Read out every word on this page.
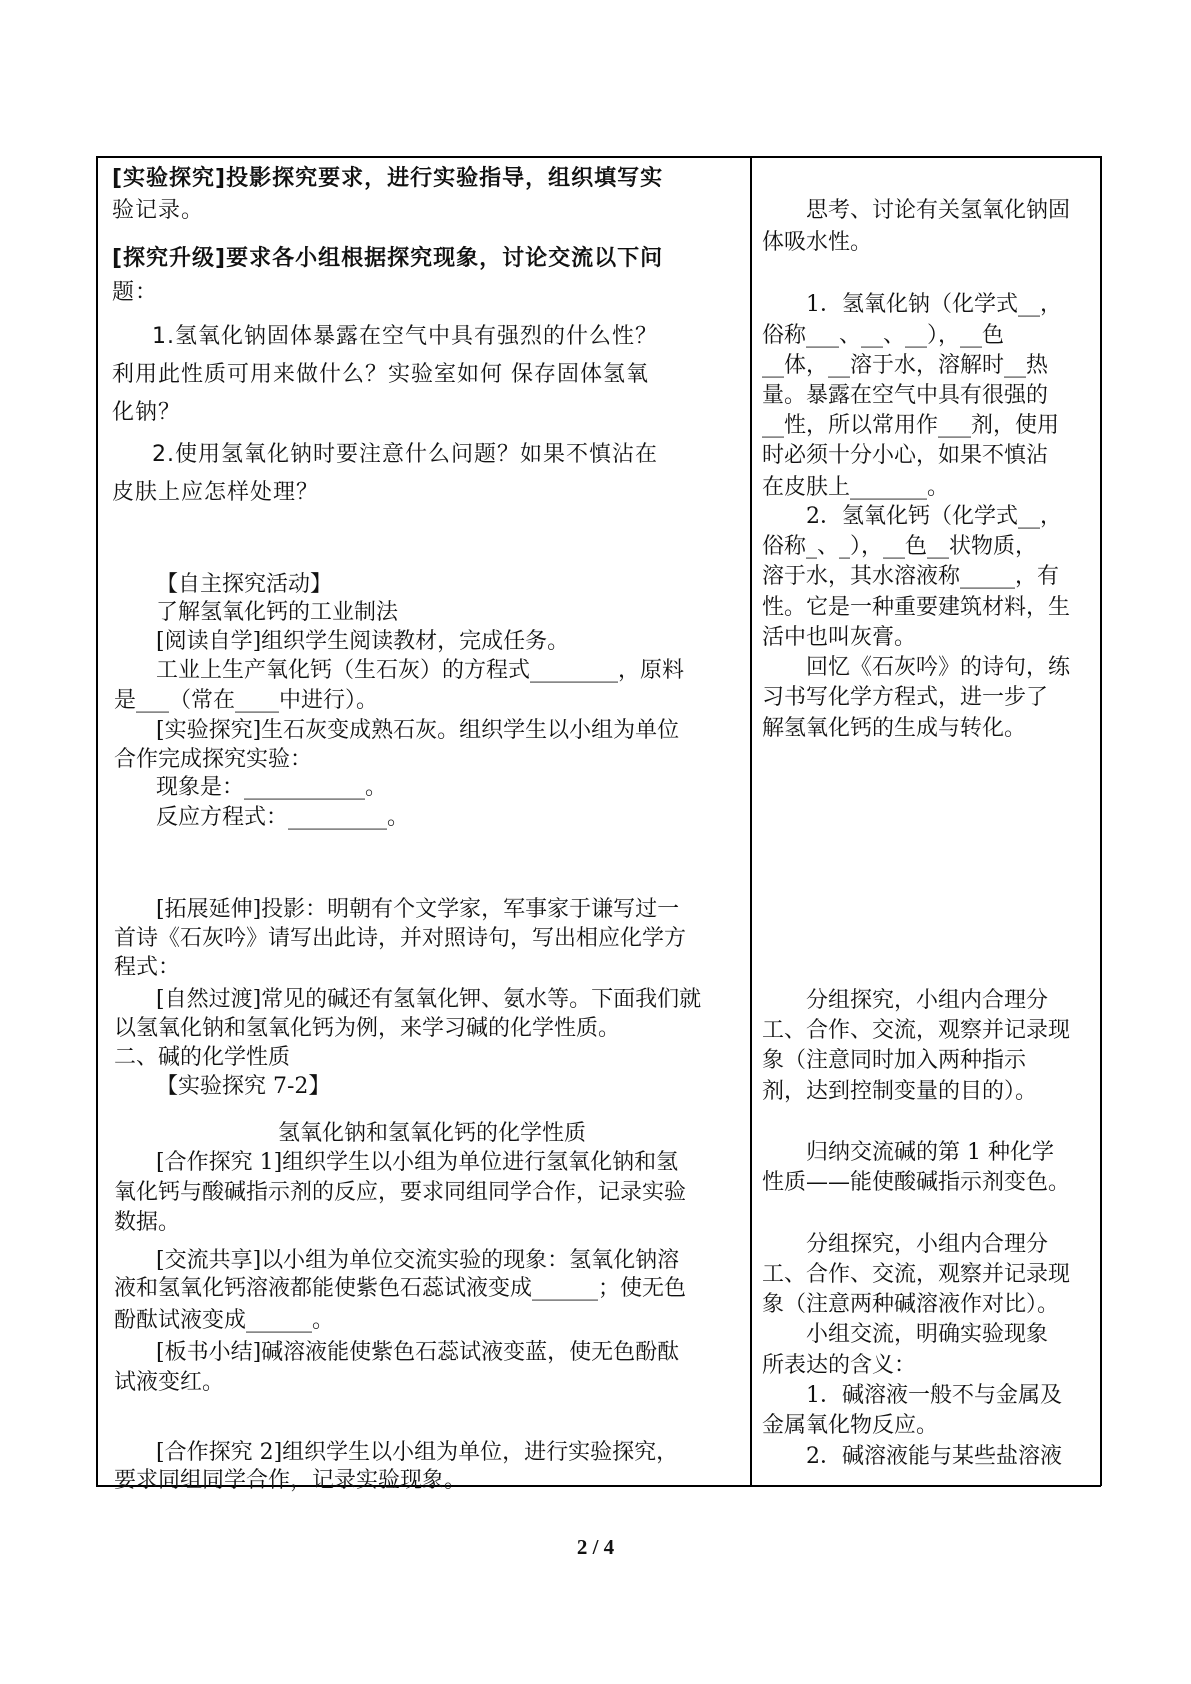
[实验探究]投影探究要求，进行实验指导，组织填写实
验记录。
[探究升级]要求各小组根据探究现象，讨论交流以下问
题：
1.氢氧化钠固体暴露在空气中具有强烈的什么性？
利用此性质可用来做什么？实验室如何 保存固体氢氧
化钠？
2.使用氢氧化钠时要注意什么问题？如果不慎沾在
皮肤上应怎样处理？
【自主探究活动】
了解氢氧化钙的工业制法
[阅读自学]组织学生阅读教材，完成任务。
工业上生产氧化钙（生石灰）的方程式________，原料
是___（常在____中进行）。
[实验探究]生石灰变成熟石灰。组织学生以小组为单位
合作完成探究实验：
现象是：___________。
反应方程式：_________。
[拓展延伸]投影：明朝有个文学家，军事家于谦写过一
首诗《石灰吟》请写出此诗，并对照诗句，写出相应化学方
程式：
[自然过渡]常见的碱还有氢氧化钾、氨水等。下面我们就
以氢氧化钠和氢氧化钙为例，来学习碱的化学性质。
二、碱的化学性质
【实验探究 7-2】
氢氧化钠和氢氧化钙的化学性质
[合作探究 1]组织学生以小组为单位进行氢氧化钠和氢
氧化钙与酸碱指示剂的反应，要求同组同学合作，记录实验
数据。
[交流共享]以小组为单位交流实验的现象：氢氧化钠溶
液和氢氧化钙溶液都能使紫色石蕊试液变成______；使无色
酚酞试液变成______。
[板书小结]碱溶液能使紫色石蕊试液变蓝，使无色酚酞
试液变红。
[合作探究 2]组织学生以小组为单位，进行实验探究，
要求同组同学合作，记录实验现象。
思考、讨论有关氢氧化钠固
体吸水性。
1．氢氧化钠（化学式__，
俗称___、__、__），__色
__体，__溶于水，溶解时__热
量。暴露在空气中具有很强的
__性，所以常用作___剂，使用
时必须十分小心，如果不慎沾
在皮肤上_______。
2．氢氧化钙（化学式__，
俗称_、_），__色__状物质，
溶于水，其水溶液称_____，有
性。它是一种重要建筑材料，生
活中也叫灰膏。
回忆《石灰吟》的诗句，练
习书写化学方程式，进一步了
解氢氧化钙的生成与转化。
分组探究，小组内合理分
工、合作、交流，观察并记录现
象（注意同时加入两种指示
剂，达到控制变量的目的）。
归纳交流碱的第 1 种化学
性质——能使酸碱指示剂变色。
分组探究，小组内合理分
工、合作、交流，观察并记录现
象（注意两种碱溶液作对比）。
小组交流，明确实验现象
所表达的含义：
1．碱溶液一般不与金属及
金属氧化物反应。
2．碱溶液能与某些盐溶液
2 / 4
